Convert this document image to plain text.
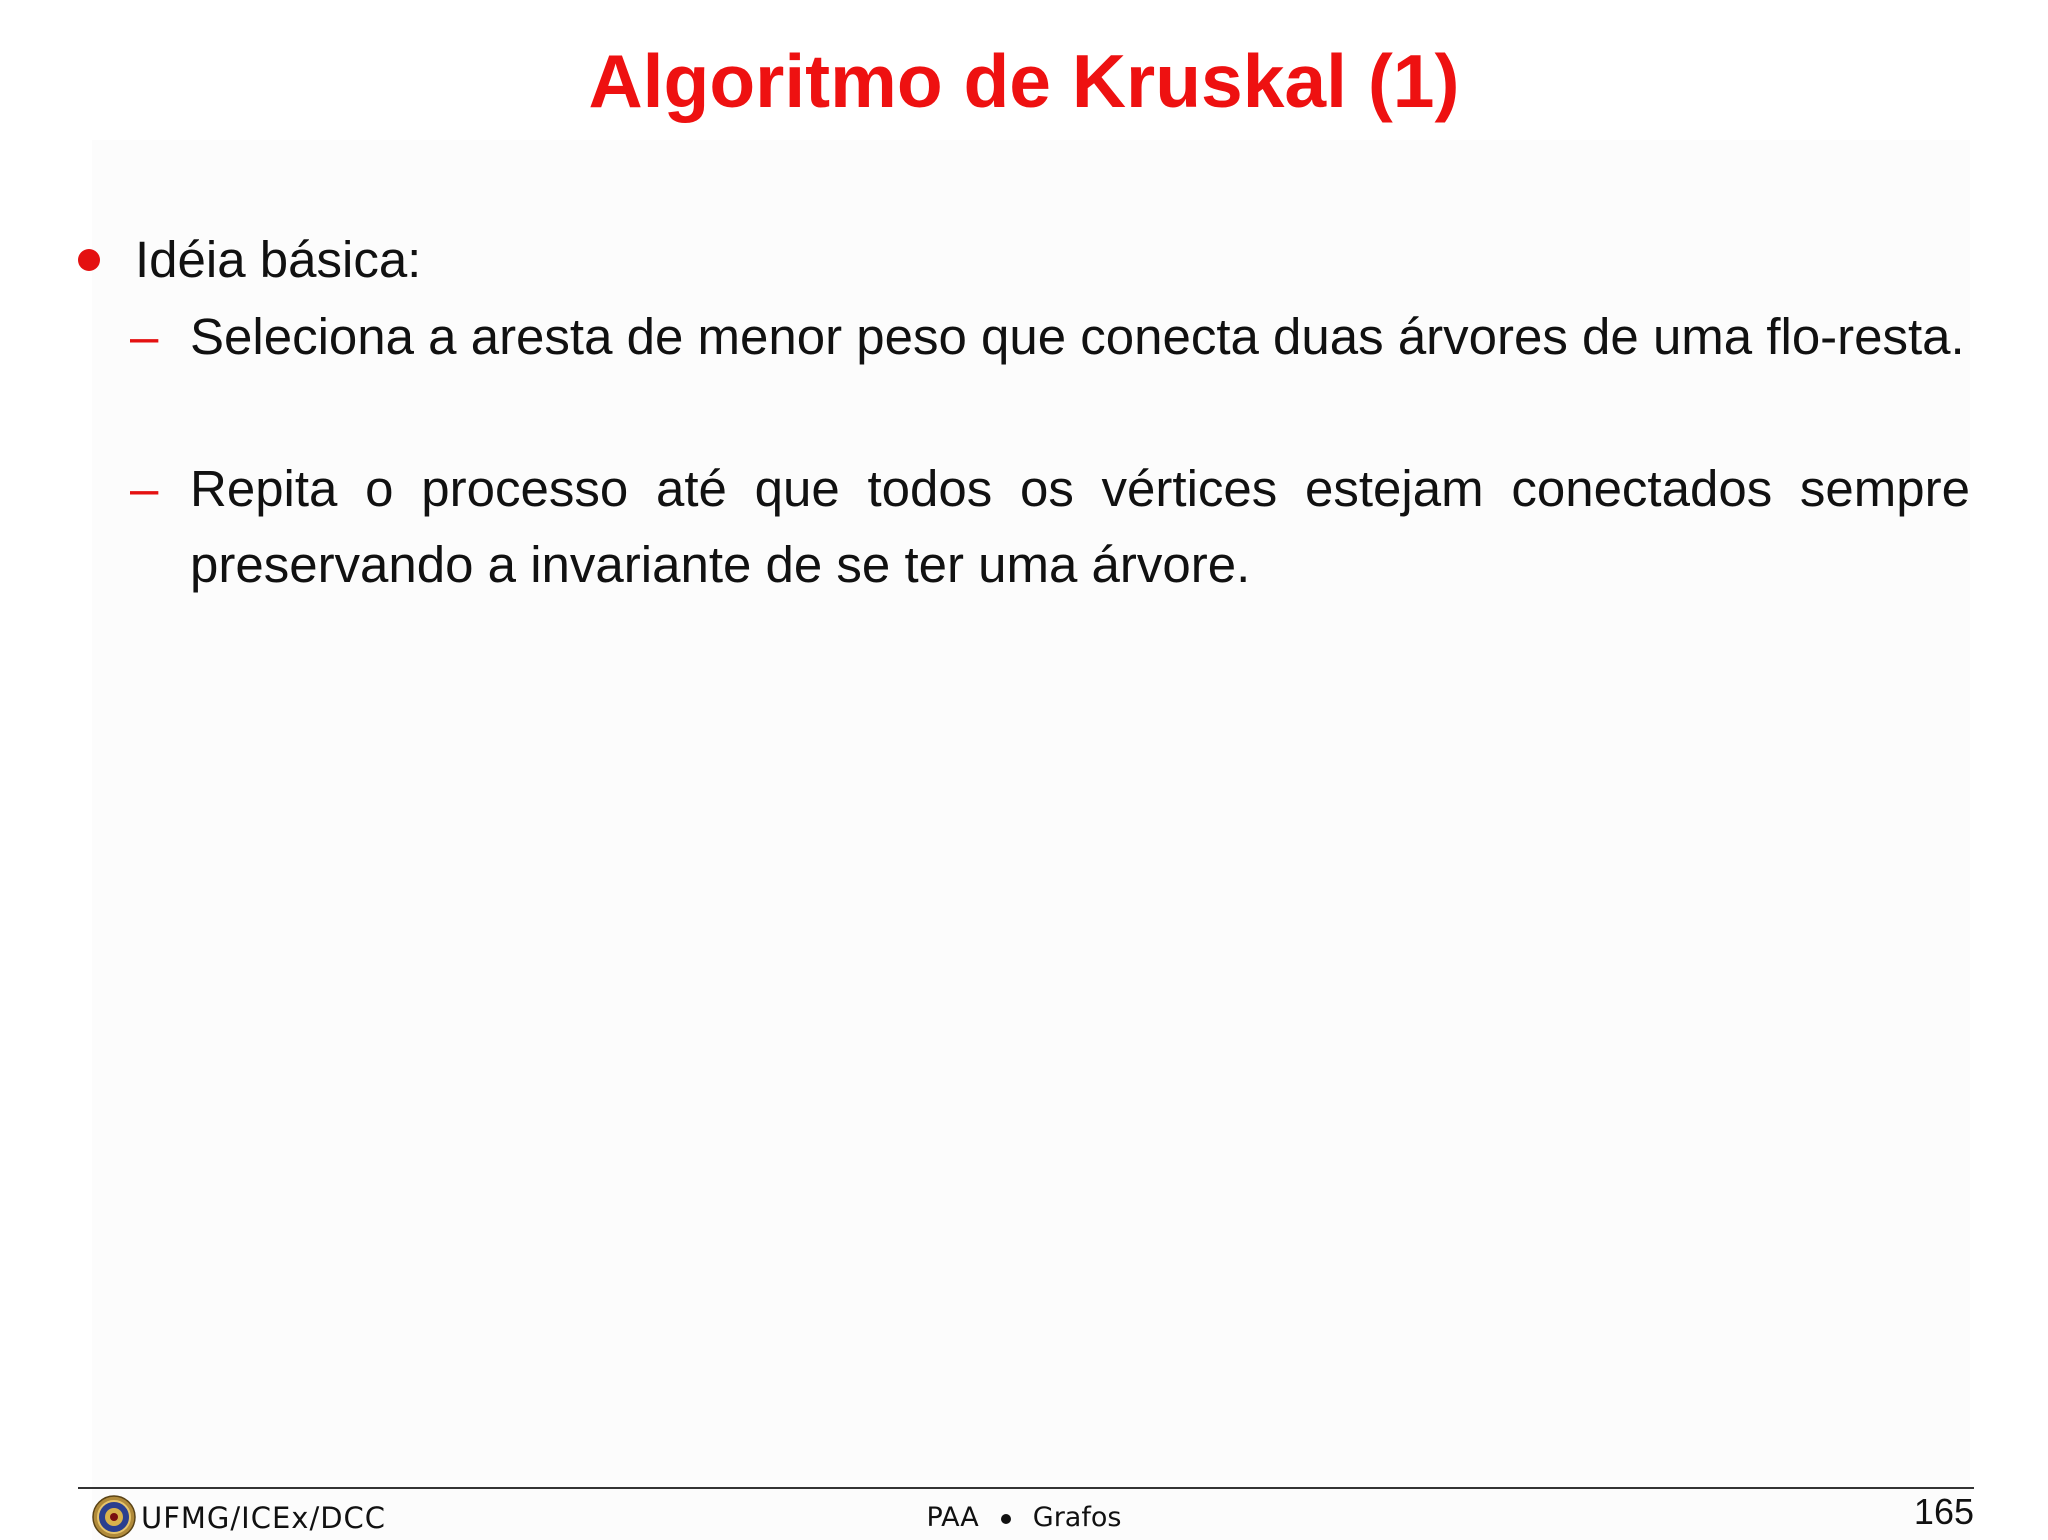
Algoritmo de Kruskal (1)
Idéia básica:
– Seleciona a aresta de menor peso que conecta duas árvores de uma flo-resta.
– Repita o processo até que todos os vértices estejam conectados sempre preservando a invariante de se ter uma árvore.
UFMG/ICEx/DCC	PAA Grafos	165
